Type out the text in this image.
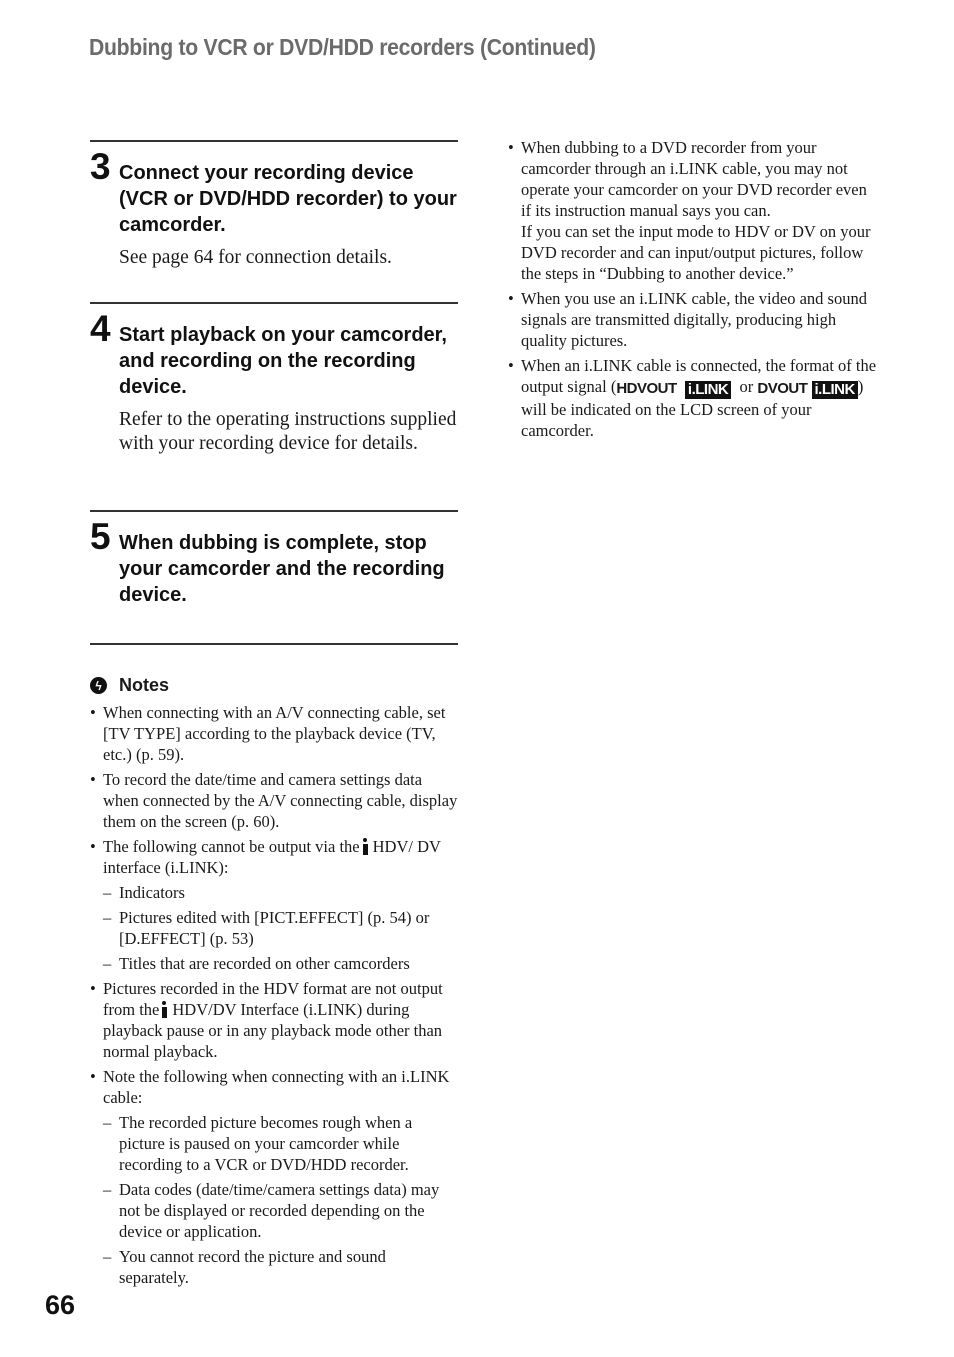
Dubbing to VCR or DVD/HDD recorders (Continued)
3 Connect your recording device (VCR or DVD/HDD recorder) to your camcorder.
See page 64 for connection details.
4 Start playback on your camcorder, and recording on the recording device.
Refer to the operating instructions supplied with your recording device for details.
5 When dubbing is complete, stop your camcorder and the recording device.
ϟ Notes
• When connecting with an A/V connecting cable, set [TV TYPE] according to the playback device (TV, etc.) (p. 59).
• To record the date/time and camera settings data when connected by the A/V connecting cable, display them on the screen (p. 60).
• The following cannot be output via the HDV/ DV interface (i.LINK):
– Indicators
– Pictures edited with [PICT.EFFECT] (p. 54) or [D.EFFECT] (p. 53)
– Titles that are recorded on other camcorders
• Pictures recorded in the HDV format are not output from the HDV/DV Interface (i.LINK) during playback pause or in any playback mode other than normal playback.
• Note the following when connecting with an i.LINK cable:
– The recorded picture becomes rough when a picture is paused on your camcorder while recording to a VCR or DVD/HDD recorder.
– Data codes (date/time/camera settings data) may not be displayed or recorded depending on the device or application.
– You cannot record the picture and sound separately.
• When dubbing to a DVD recorder from your camcorder through an i.LINK cable, you may not operate your camcorder on your DVD recorder even if its instruction manual says you can.
If you can set the input mode to HDV or DV on your DVD recorder and can input/output pictures, follow the steps in “Dubbing to another device.”
• When you use an i.LINK cable, the video and sound signals are transmitted digitally, producing high quality pictures.
• When an i.LINK cable is connected, the format of the output signal (HDVOUT i.LINK or DVOUT i.LINK ) will be indicated on the LCD screen of your camcorder.
66
